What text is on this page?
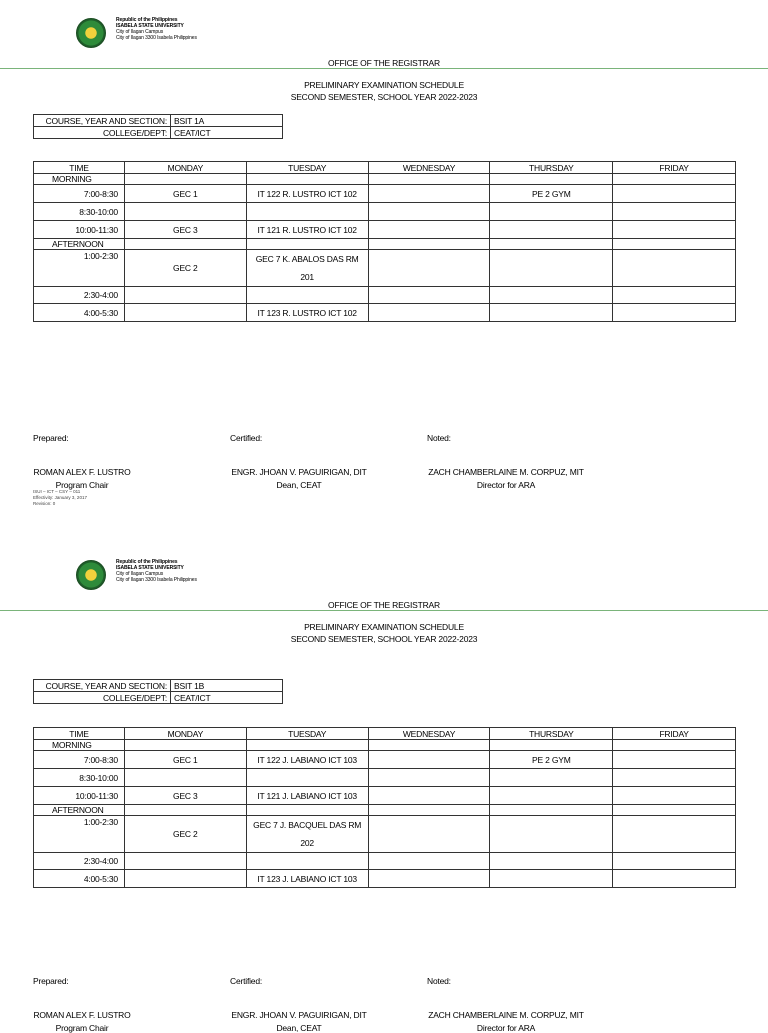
Republic of the Philippines
ISABELA STATE UNIVERSITY
City of Ilagan Campus
City of Ilagan 3300 Isabela Philippines
OFFICE OF THE REGISTRAR
PRELIMINARY EXAMINATION SCHEDULE
SECOND SEMESTER, SCHOOL YEAR 2022-2023
COURSE, YEAR AND SECTION:	BSIT 1A
COLLEGE/DEPT:	CEAT/ICT
TIME	MONDAY	TUESDAY	WEDNESDAY	THURSDAY	FRIDAY
MORNING					
7:00-8:30	GEC 1	IT 122 R. LUSTRO ICT 102		PE 2 GYM	
8:30-10:00					
10:00-11:30	GEC 3	IT 121 R. LUSTRO ICT 102			
AFTERNOON					
1:00-2:30	GEC 2	GEC 7 K. ABALOS DAS RM 201			
2:30-4:00					
4:00-5:30		IT 123 R. LUSTRO ICT 102			
Prepared:	Certified:	Noted:
ROMAN ALEX F. LUSTRO
Program Chair
ENGR. JHOAN V. PAGUIRIGAN, DIT
Dean, CEAT
ZACH CHAMBERLAINE M. CORPUZ, MIT
Director for ARA
ISUI – ICT – CSY – 011
Effectivity: January 3, 2017
Revision: 0
Republic of the Philippines
ISABELA STATE UNIVERSITY
City of Ilagan Campus
City of Ilagan 3300 Isabela Philippines
OFFICE OF THE REGISTRAR
PRELIMINARY EXAMINATION SCHEDULE
SECOND SEMESTER, SCHOOL YEAR 2022-2023
COURSE, YEAR AND SECTION:	BSIT 1B
COLLEGE/DEPT:	CEAT/ICT
TIME	MONDAY	TUESDAY	WEDNESDAY	THURSDAY	FRIDAY
MORNING					
7:00-8:30	GEC 1	IT 122 J. LABIANO ICT 103		PE 2 GYM	
8:30-10:00					
10:00-11:30	GEC 3	IT 121 J. LABIANO ICT 103			
AFTERNOON					
1:00-2:30	GEC 2	GEC 7 J. BACQUEL DAS RM 202			
2:30-4:00					
4:00-5:30		IT 123 J. LABIANO ICT 103			
Prepared:	Certified:	Noted:
ROMAN ALEX F. LUSTRO
Program Chair
ENGR. JHOAN V. PAGUIRIGAN, DIT
Dean, CEAT
ZACH CHAMBERLAINE M. CORPUZ, MIT
Director for ARA
